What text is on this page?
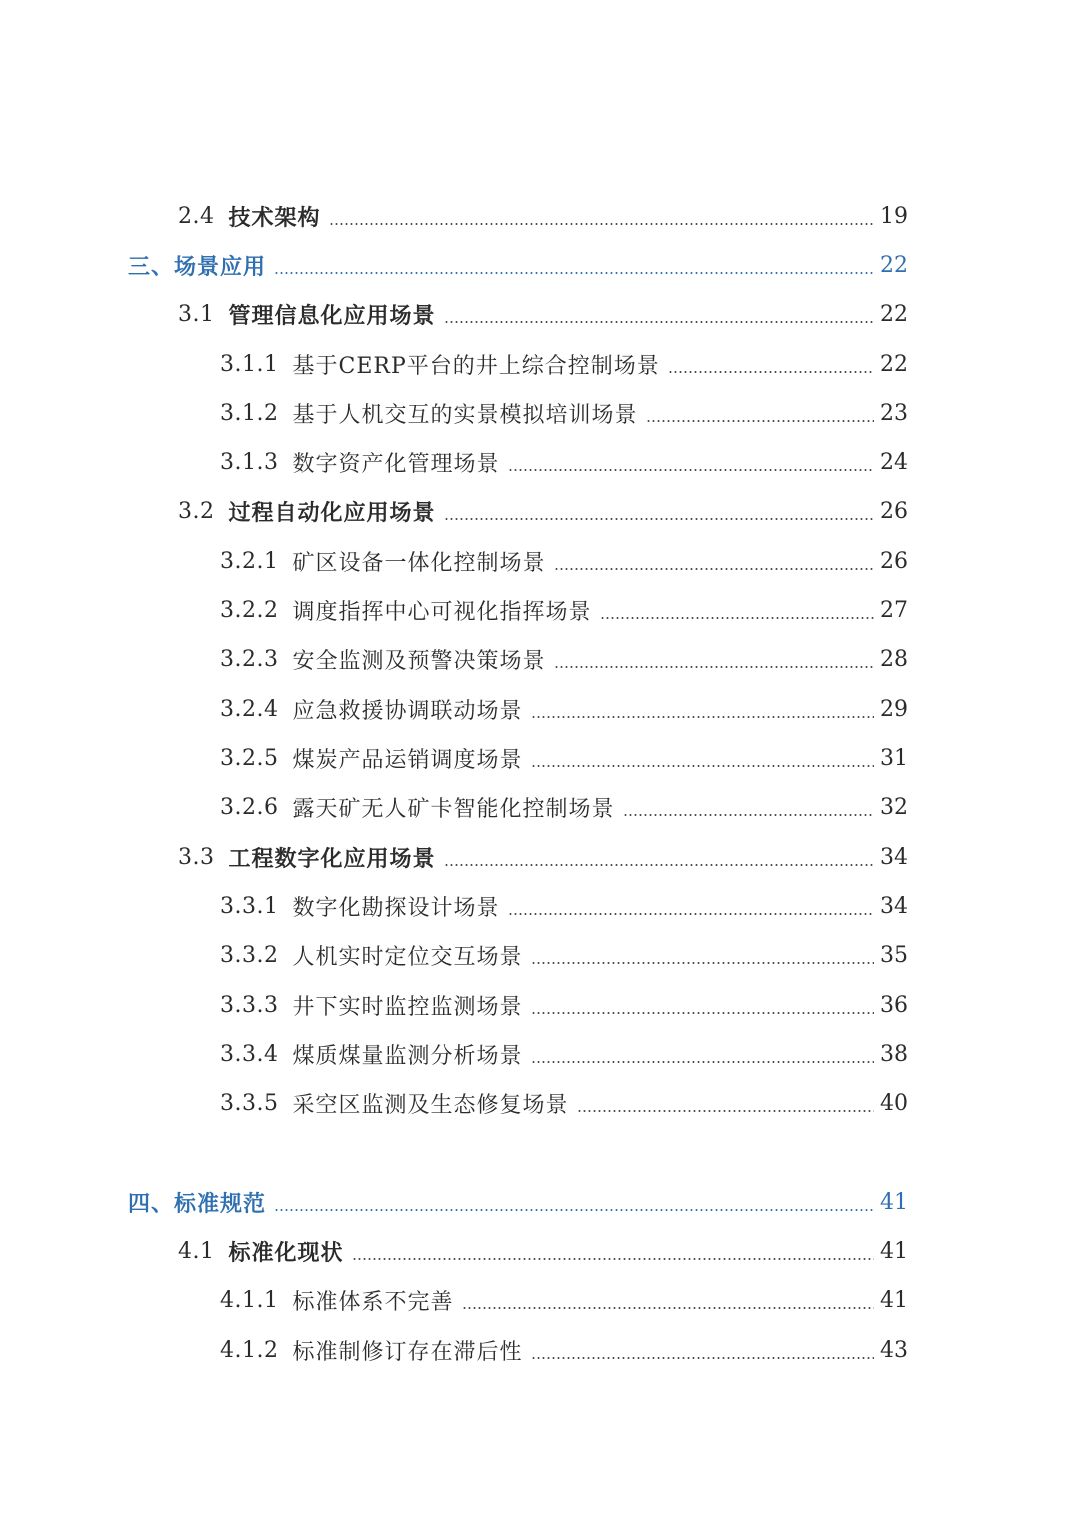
2.4 技术架构	19
三、场景应用	22
3.1 管理信息化应用场景	22
3.1.1 基于CERP平台的井上综合控制场景	22
3.1.2 基于人机交互的实景模拟培训场景	23
3.1.3 数字资产化管理场景	24
3.2 过程自动化应用场景	26
3.2.1 矿区设备一体化控制场景	26
3.2.2 调度指挥中心可视化指挥场景	27
3.2.3 安全监测及预警决策场景	28
3.2.4 应急救援协调联动场景	29
3.2.5 煤炭产品运销调度场景	31
3.2.6 露天矿无人矿卡智能化控制场景	32
3.3 工程数字化应用场景	34
3.3.1 数字化勘探设计场景	34
3.3.2 人机实时定位交互场景	35
3.3.3 井下实时监控监测场景	36
3.3.4 煤质煤量监测分析场景	38
3.3.5 采空区监测及生态修复场景	40
四、标准规范	41
4.1 标准化现状	41
4.1.1 标准体系不完善	41
4.1.2 标准制修订存在滞后性	43
